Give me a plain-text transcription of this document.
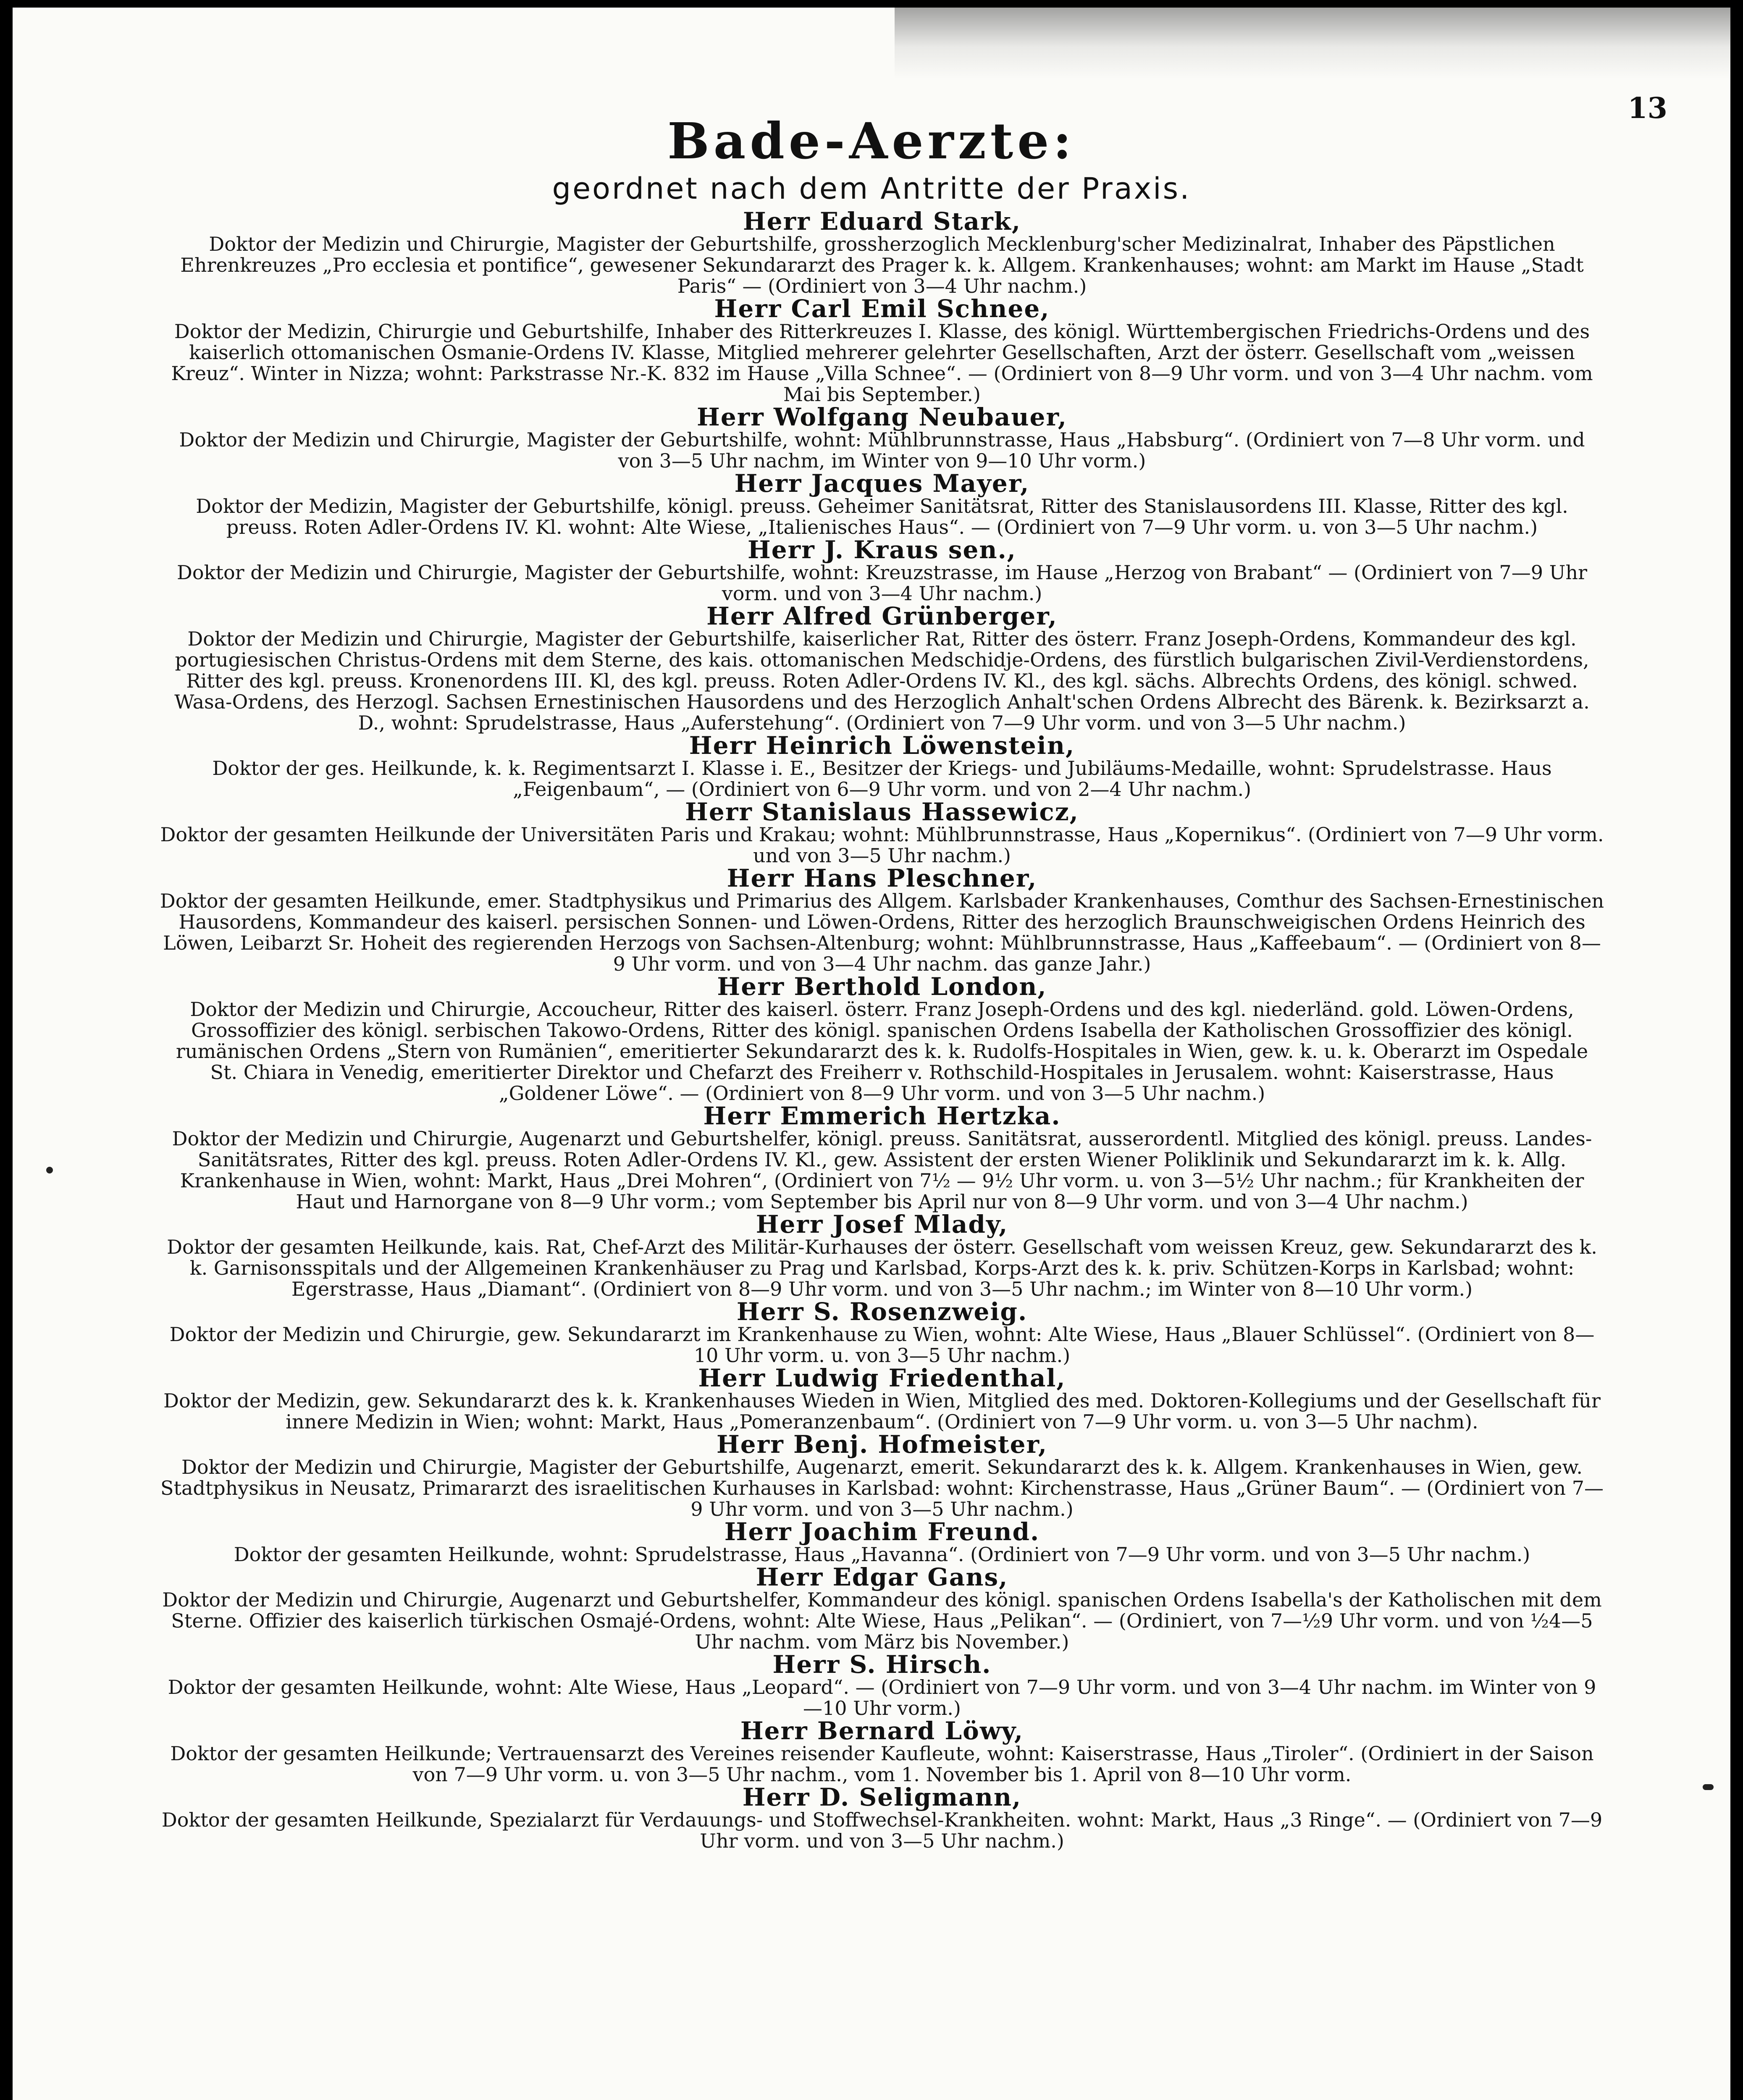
13
Bade-Aerzte:
geordnet nach dem Antritte der Praxis.
Herr Eduard Stark,
Doktor der Medizin und Chirurgie, Magister der Geburtshilfe, grossherzoglich Mecklenburg'scher Medizinalrat, Inhaber des Päpstlichen Ehrenkreuzes „Pro ecclesia et pontifice“, gewesener Sekundararzt des Prager k. k. Allgem. Krankenhauses; wohnt: am Markt im Hause „Stadt Paris“ — (Ordiniert von 3—4 Uhr nachm.)
Herr Carl Emil Schnee,
Doktor der Medizin, Chirurgie und Geburtshilfe, Inhaber des Ritterkreuzes I. Klasse, des königl. Württembergischen Friedrichs-Ordens und des kaiserlich ottomanischen Osmanie-Ordens IV. Klasse, Mitglied mehrerer gelehrter Gesellschaften, Arzt der österr. Gesellschaft vom „weissen Kreuz“. Winter in Nizza; wohnt: Parkstrasse Nr.-K. 832 im Hause „Villa Schnee“. — (Ordiniert von 8—9 Uhr vorm. und von 3—4 Uhr nachm. vom Mai bis September.)
Herr Wolfgang Neubauer,
Doktor der Medizin und Chirurgie, Magister der Geburtshilfe, wohnt: Mühlbrunnstrasse, Haus „Habsburg“. (Ordiniert von 7—8 Uhr vorm. und von 3—5 Uhr nachm, im Winter von 9—10 Uhr vorm.)
Herr Jacques Mayer,
Doktor der Medizin, Magister der Geburtshilfe, königl. preuss. Geheimer Sanitätsrat, Ritter des Stanislausordens III. Klasse, Ritter des kgl. preuss. Roten Adler-Ordens IV. Kl. wohnt: Alte Wiese, „Italienisches Haus“. — (Ordiniert von 7—9 Uhr vorm. u. von 3—5 Uhr nachm.)
Herr J. Kraus sen.,
Doktor der Medizin und Chirurgie, Magister der Geburtshilfe, wohnt: Kreuzstrasse, im Hause „Herzog von Brabant“ — (Ordiniert von 7—9 Uhr vorm. und von 3—4 Uhr nachm.)
Herr Alfred Grünberger,
Doktor der Medizin und Chirurgie, Magister der Geburtshilfe, kaiserlicher Rat, Ritter des österr. Franz Joseph-Ordens, Kommandeur des kgl. portugiesischen Christus-Ordens mit dem Sterne, des kais. ottomanischen Medschidje-Ordens, des fürstlich bulgarischen Zivil-Verdienstordens, Ritter des kgl. preuss. Kronenordens III. Kl, des kgl. preuss. Roten Adler-Ordens IV. Kl., des kgl. sächs. Albrechts Ordens, des königl. schwed. Wasa-Ordens, des Herzogl. Sachsen Ernestinischen Hausordens und des Herzoglich Anhalt'schen Ordens Albrecht des Bärenk. k. Bezirksarzt a. D., wohnt: Sprudelstrasse, Haus „Auferstehung“. (Ordiniert von 7—9 Uhr vorm. und von 3—5 Uhr nachm.)
Herr Heinrich Löwenstein,
Doktor der ges. Heilkunde, k. k. Regimentsarzt I. Klasse i. E., Besitzer der Kriegs- und Jubiläums-Medaille, wohnt: Sprudelstrasse. Haus „Feigenbaum“, — (Ordiniert von 6—9 Uhr vorm. und von 2—4 Uhr nachm.)
Herr Stanislaus Hassewicz,
Doktor der gesamten Heilkunde der Universitäten Paris und Krakau; wohnt: Mühlbrunnstrasse, Haus „Kopernikus“. (Ordiniert von 7—9 Uhr vorm. und von 3—5 Uhr nachm.)
Herr Hans Pleschner,
Doktor der gesamten Heilkunde, emer. Stadtphysikus und Primarius des Allgem. Karlsbader Krankenhauses, Comthur des Sachsen-Ernestinischen Hausordens, Kommandeur des kaiserl. persischen Sonnen- und Löwen-Ordens, Ritter des herzoglich Braunschweigischen Ordens Heinrich des Löwen, Leibarzt Sr. Hoheit des regierenden Herzogs von Sachsen-Altenburg; wohnt: Mühlbrunnstrasse, Haus „Kaffeebaum“. — (Ordiniert von 8—9 Uhr vorm. und von 3—4 Uhr nachm. das ganze Jahr.)
Herr Berthold London,
Doktor der Medizin und Chirurgie, Accoucheur, Ritter des kaiserl. österr. Franz Joseph-Ordens und des kgl. niederländ. gold. Löwen-Ordens, Grossoffizier des königl. serbischen Takowo-Ordens, Ritter des königl. spanischen Ordens Isabella der Katholischen Grossoffizier des königl. rumänischen Ordens „Stern von Rumänien“, emeritierter Sekundararzt des k. k. Rudolfs-Hospitales in Wien, gew. k. u. k. Oberarzt im Ospedale St. Chiara in Venedig, emeritierter Direktor und Chefarzt des Freiherr v. Rothschild-Hospitales in Jerusalem. wohnt: Kaiserstrasse, Haus „Goldener Löwe“. — (Ordiniert von 8—9 Uhr vorm. und von 3—5 Uhr nachm.)
Herr Emmerich Hertzka.
Doktor der Medizin und Chirurgie, Augenarzt und Geburtshelfer, königl. preuss. Sanitätsrat, ausserordentl. Mitglied des königl. preuss. Landes-Sanitätsrates, Ritter des kgl. preuss. Roten Adler-Ordens IV. Kl., gew. Assistent der ersten Wiener Poliklinik und Sekundararzt im k. k. Allg. Krankenhause in Wien, wohnt: Markt, Haus „Drei Mohren“, (Ordiniert von 7½ — 9½ Uhr vorm. u. von 3—5½ Uhr nachm.; für Krankheiten der Haut und Harnorgane von 8—9 Uhr vorm.; vom September bis April nur von 8—9 Uhr vorm. und von 3—4 Uhr nachm.)
Herr Josef Mlady,
Doktor der gesamten Heilkunde, kais. Rat, Chef-Arzt des Militär-Kurhauses der österr. Gesellschaft vom weissen Kreuz, gew. Sekundararzt des k. k. Garnisonsspitals und der Allgemeinen Krankenhäuser zu Prag und Karlsbad, Korps-Arzt des k. k. priv. Schützen-Korps in Karlsbad; wohnt: Egerstrasse, Haus „Diamant“. (Ordiniert von 8—9 Uhr vorm. und von 3—5 Uhr nachm.; im Winter von 8—10 Uhr vorm.)
Herr S. Rosenzweig.
Doktor der Medizin und Chirurgie, gew. Sekundararzt im Krankenhause zu Wien, wohnt: Alte Wiese, Haus „Blauer Schlüssel“. (Ordiniert von 8—10 Uhr vorm. u. von 3—5 Uhr nachm.)
Herr Ludwig Friedenthal,
Doktor der Medizin, gew. Sekundararzt des k. k. Krankenhauses Wieden in Wien, Mitglied des med. Doktoren-Kollegiums und der Gesellschaft für innere Medizin in Wien; wohnt: Markt, Haus „Pomeranzenbaum“. (Ordiniert von 7—9 Uhr vorm. u. von 3—5 Uhr nachm).
Herr Benj. Hofmeister,
Doktor der Medizin und Chirurgie, Magister der Geburtshilfe, Augenarzt, emerit. Sekundararzt des k. k. Allgem. Krankenhauses in Wien, gew. Stadtphysikus in Neusatz, Primararzt des israelitischen Kurhauses in Karlsbad: wohnt: Kirchenstrasse, Haus „Grüner Baum“. — (Ordiniert von 7—9 Uhr vorm. und von 3—5 Uhr nachm.)
Herr Joachim Freund.
Doktor der gesamten Heilkunde, wohnt: Sprudelstrasse, Haus „Havanna“. (Ordiniert von 7—9 Uhr vorm. und von 3—5 Uhr nachm.)
Herr Edgar Gans,
Doktor der Medizin und Chirurgie, Augenarzt und Geburtshelfer, Kommandeur des königl. spanischen Ordens Isabella's der Katholischen mit dem Sterne. Offizier des kaiserlich türkischen Osmajé-Ordens, wohnt: Alte Wiese, Haus „Pelikan“. — (Ordiniert, von 7—½9 Uhr vorm. und von ½4—5 Uhr nachm. vom März bis November.)
Herr S. Hirsch.
Doktor der gesamten Heilkunde, wohnt: Alte Wiese, Haus „Leopard“. — (Ordiniert von 7—9 Uhr vorm. und von 3—4 Uhr nachm. im Winter von 9—10 Uhr vorm.)
Herr Bernard Löwy,
Doktor der gesamten Heilkunde; Vertrauensarzt des Vereines reisender Kaufleute, wohnt: Kaiserstrasse, Haus „Tiroler“. (Ordiniert in der Saison von 7—9 Uhr vorm. u. von 3—5 Uhr nachm., vom 1. November bis 1. April von 8—10 Uhr vorm.
Herr D. Seligmann,
Doktor der gesamten Heilkunde, Spezialarzt für Verdauungs- und Stoffwechsel-Krankheiten. wohnt: Markt, Haus „3 Ringe“. — (Ordiniert von 7—9 Uhr vorm. und von 3—5 Uhr nachm.)
